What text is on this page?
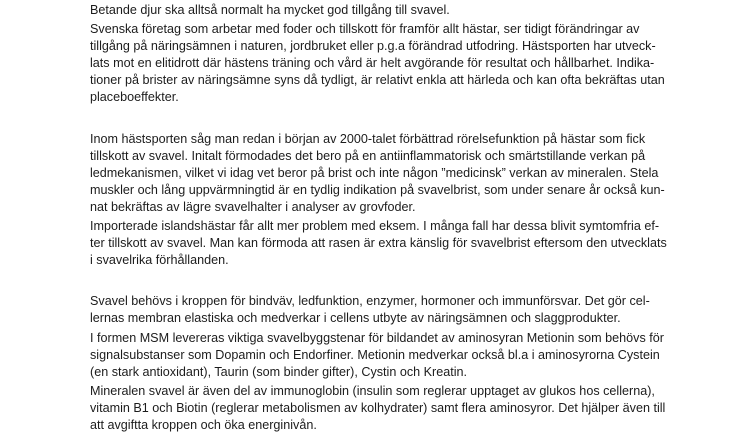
Betande djur ska alltså normalt ha mycket god tillgång till svavel.
Svenska företag som arbetar med foder och tillskott för framför allt hästar, ser tidigt förändringar av
tillgång på näringsämnen i naturen, jordbruket eller p.g.a förändrad utfodring. Hästsporten har utveck-
lats mot en elitidrott där hästens träning och vård är helt avgörande för resultat och hållbarhet. Indika-
tioner på brister av näringsämne syns då tydligt, är relativt enkla att härleda och kan ofta bekräftas utan
placeboeffekter.
Inom hästsporten såg man redan i början av 2000-talet förbättrad rörelsefunktion på hästar som fick
tillskott av svavel. Initalt förmodades det bero på en antiinflammatorisk och smärtstillande verkan på
ledmekanismen, vilket vi idag vet beror på brist och inte någon ”medicinsk” verkan av mineralen. Stela
muskler och lång uppvärmningtid är en tydlig indikation på svavelbrist, som under senare år också kun-
nat bekräftas av lägre svavelhalter i analyser av grovfoder.
Importerade islandshästar får allt mer problem med eksem. I många fall har dessa blivit symtomfria ef-
ter tillskott av svavel. Man kan förmoda att rasen är extra känslig för svavelbrist eftersom den utvecklats
i svavelrika förhållanden.
Svavel behövs i kroppen för bindväv, ledfunktion, enzymer, hormoner och immunförsvar. Det gör cel-
lernas membran elastiska och medverkar i cellens utbyte av näringsämnen och slaggprodukter.
I formen MSM levereras viktiga svavelbyggstenar för bildandet av aminosyran Metionin som behövs för
signalsubstanser som Dopamin och Endorfiner. Metionin medverkar också bl.a i aminosyrorna Cystein
(en stark antioxidant), Taurin (som binder gifter), Cystin och Kreatin.
Mineralen svavel är även del av immunoglobin (insulin som reglerar upptaget av glukos hos cellerna),
vitamin B1 och Biotin (reglerar metabolismen av kolhydrater) samt flera aminosyror. Det hjälper även till
att avgiftta kroppen och öka energinivån.
